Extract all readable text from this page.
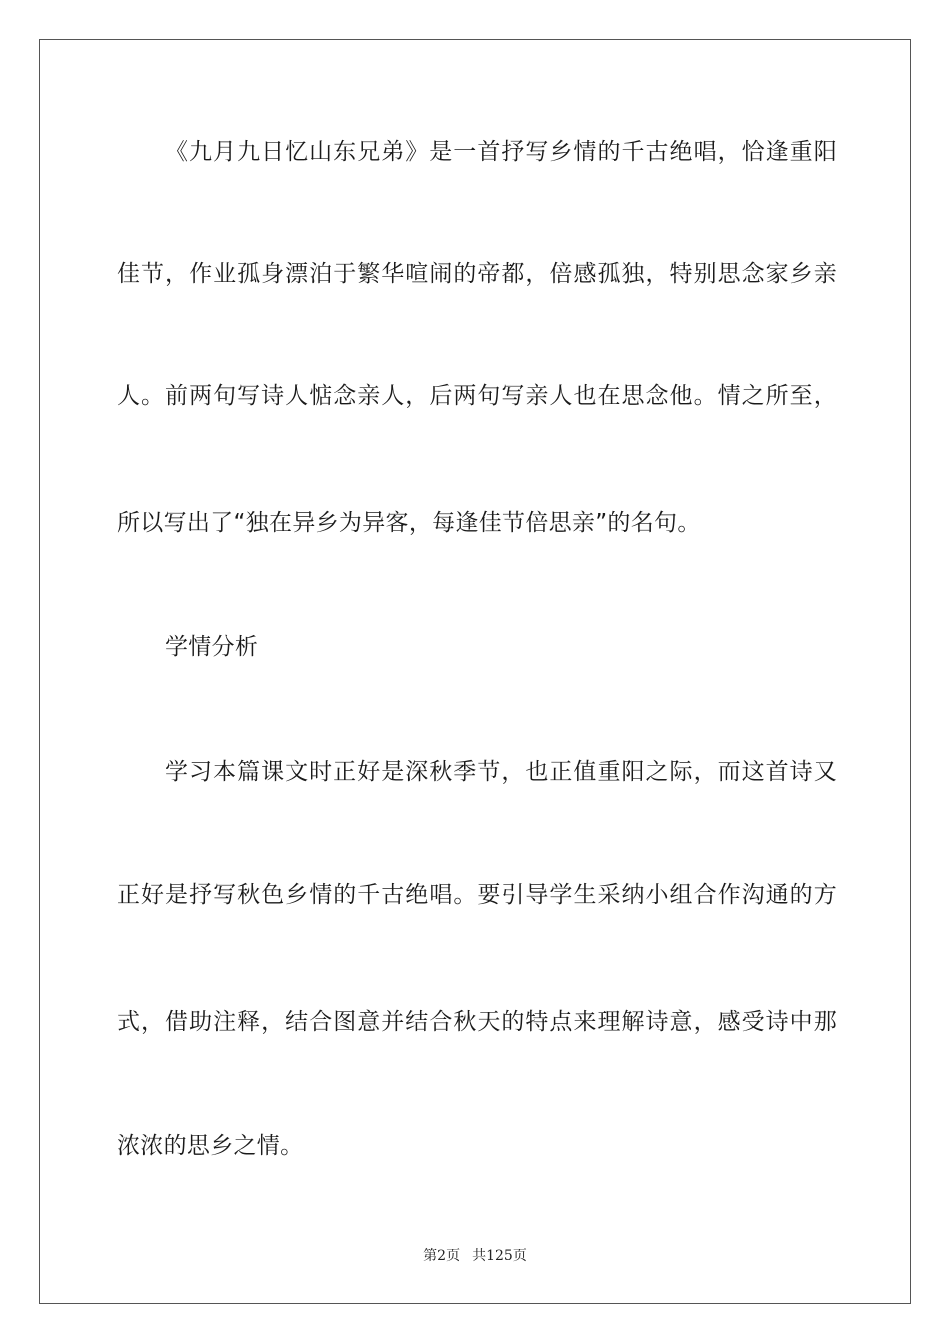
《九月九日忆山东兄弟》是一首抒写乡情的千古绝唱，恰逢重阳
佳节，作业孤身漂泊于繁华喧闹的帝都，倍感孤独，特别思念家乡亲
人。前两句写诗人惦念亲人，后两句写亲人也在思念他。情之所至，
所以写出了“独在异乡为异客，每逢佳节倍思亲”的名句。
学情分析
学习本篇课文时正好是深秋季节，也正值重阳之际，而这首诗又
正好是抒写秋色乡情的千古绝唱。要引导学生采纳小组合作沟通的方
式，借助注释，结合图意并结合秋天的特点来理解诗意，感受诗中那
浓浓的思乡之情。
第2页 共125页
